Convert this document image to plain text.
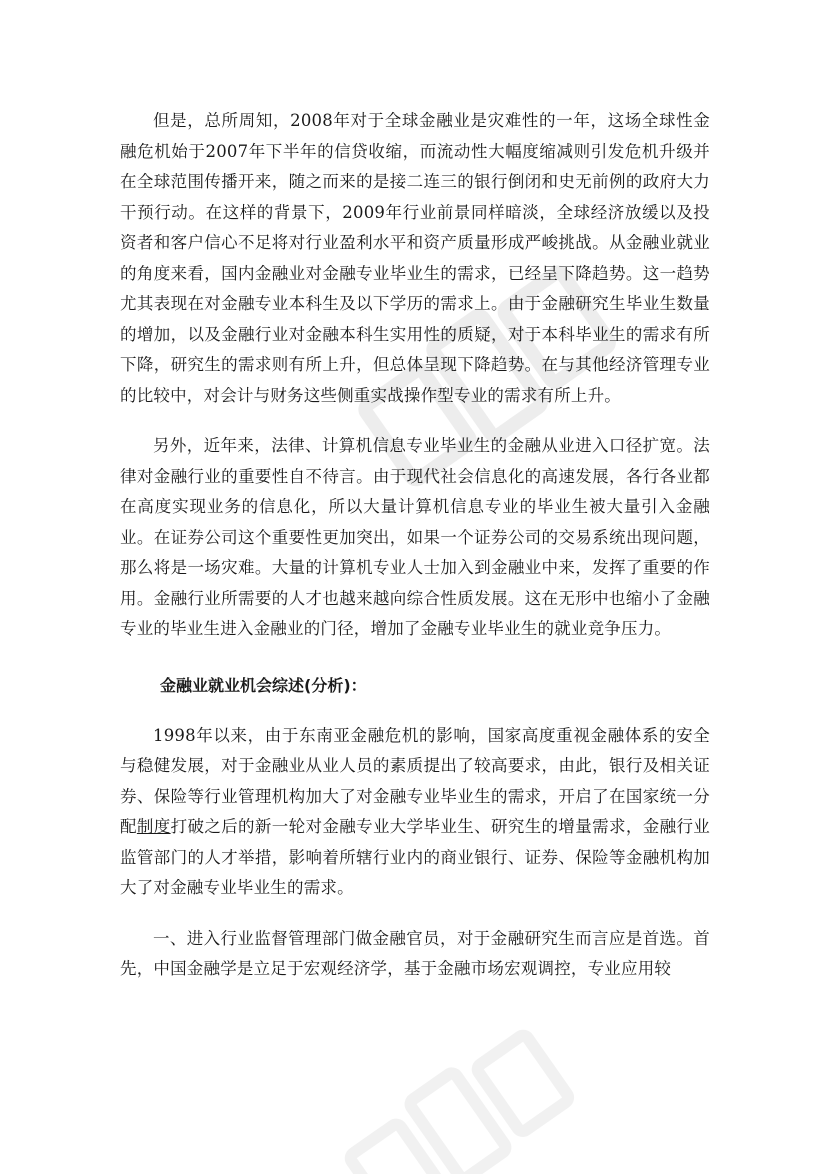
但是，总所周知，2008年对于全球金融业是灾难性的一年，这场全球性金融危机始于2007年下半年的信贷收缩，而流动性大幅度缩减则引发危机升级并在全球范围传播开来，随之而来的是接二连三的银行倒闭和史无前例的政府大力干预行动。在这样的背景下，2009年行业前景同样暗淡，全球经济放缓以及投资者和客户信心不足将对行业盈利水平和资产质量形成严峻挑战。从金融业就业的角度来看，国内金融业对金融专业毕业生的需求，已经呈下降趋势。这一趋势尤其表现在对金融专业本科生及以下学历的需求上。由于金融研究生毕业生数量的增加，以及金融行业对金融本科生实用性的质疑，对于本科毕业生的需求有所下降，研究生的需求则有所上升，但总体呈现下降趋势。在与其他经济管理专业的比较中，对会计与财务这些侧重实战操作型专业的需求有所上升。

另外，近年来，法律、计算机信息专业毕业生的金融从业进入口径扩宽。法律对金融行业的重要性自不待言。由于现代社会信息化的高速发展，各行各业都在高度实现业务的信息化，所以大量计算机信息专业的毕业生被大量引入金融业。在证券公司这个重要性更加突出，如果一个证券公司的交易系统出现问题，那么将是一场灾难。大量的计算机专业人士加入到金融业中来，发挥了重要的作用。金融行业所需要的人才也越来越向综合性质发展。这在无形中也缩小了金融专业的毕业生进入金融业的门径，增加了金融专业毕业生的就业竞争压力。

金融业就业机会综述(分析)：

1998年以来，由于东南亚金融危机的影响，国家高度重视金融体系的安全与稳健发展，对于金融业从业人员的素质提出了较高要求，由此，银行及相关证券、保险等行业管理机构加大了对金融专业毕业生的需求，开启了在国家统一分配制度打破之后的新一轮对金融专业大学毕业生、研究生的增量需求，金融行业监管部门的人才举措，影响着所辖行业内的商业银行、证券、保险等金融机构加大了对金融专业毕业生的需求。

一、进入行业监督管理部门做金融官员，对于金融研究生而言应是首选。首先，中国金融学是立足于宏观经济学，基于金融市场宏观调控，专业应用较
